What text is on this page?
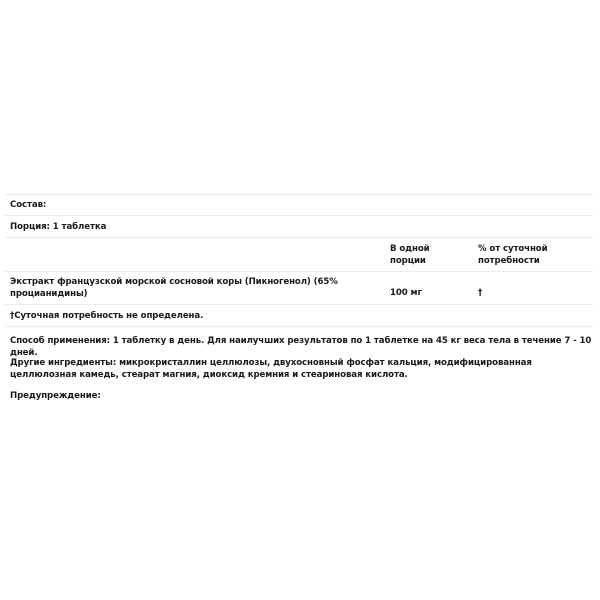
Состав:		
Порция: 1 таблетка		
	В одной порции	% от суточной потребности
Экстракт французской морской сосновой коры (Пикногенол) (65% процианидины)	100 мг	†
†Суточная потребность не определена.		
Способ применения: 1 таблетку в день. Для наилучших результатов по 1 таблетке на 45 кг веса тела в течение 7 - 10 дней.
Другие ингредиенты: микрокристаллин целлюлозы, двухосновный фосфат кальция, модифицированная целлюлозная камедь, стеарат магния, диоксид кремния и стеариновая кислота.
Предупреждение:
